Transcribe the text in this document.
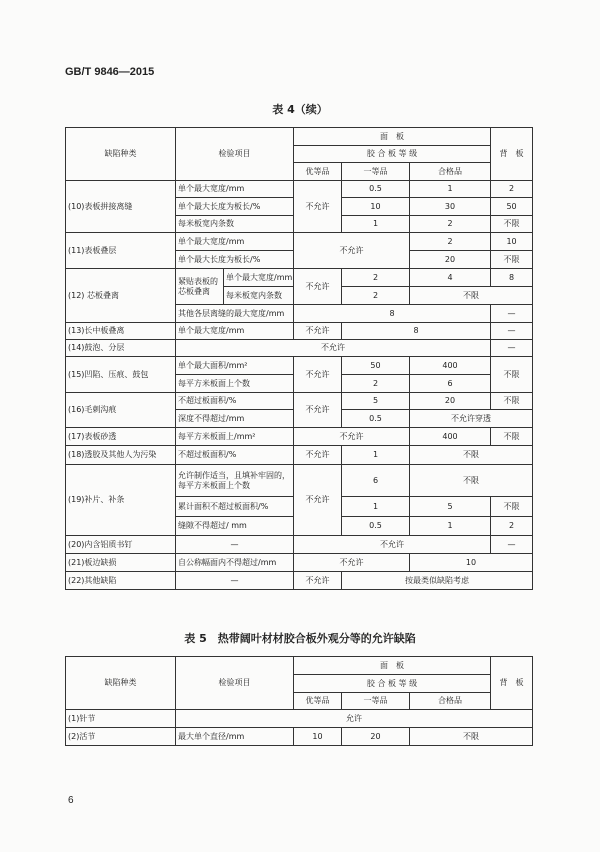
GB/T 9846—2015
表 4（续）
缺陷种类	检验项目		面　板			背　板
			胶 合 板 等 级			
			优等品	一等品	合格品	
(10)表板拼接离缝	单个最大宽度/mm		不允许	0.5	1	2
	单个最大长度为板长/%			10	30	50
	每米板宽内条数			1	2	不限
(11)表板叠层	单个最大宽度/mm		不允许		2	10
	单个最大长度为板长/%				20	不限
(12) 芯板叠离	紧贴表板的芯板叠离	单个最大宽度/mm	不允许	2	4	8
		每米板宽内条数		2	不限	
	其他各层离缝的最大宽度/mm		8			—
(13)长中板叠离	单个最大宽度/mm		不允许	8		—
(14)鼓泡、分层	不允许					—
(15)凹陷、压痕、鼓包	单个最大面积/mm²		不允许	50	400	不限
	每平方米板面上个数			2	6	
(16)毛刺沟痕	不超过板面积/%		不允许	5	20	不限
	深度不得超过/mm			0.5	不允许穿透	
(17)表板砂透	每平方米板面上/mm²		不允许		400	不限
(18)透胶及其他人为污染	不超过板面积/%		不允许	1	不限	
(19)补片、补条	允许制作适当，且填补牢固的，每平方米板面上个数		不允许	6	不限	
	累计面积不超过板面积/%			1	5	不限
	缝隙不得超过/ mm			0.5	1	2
(20)内含铝质书钉	—		不允许			—
(21)板边缺损	自公称幅面内不得超过/mm		不允许		10	
(22)其他缺陷	—		不允许	按最类似缺陷考虑		
表 5　热带阔叶材材胶合板外观分等的允许缺陷
缺陷种类	检验项目	面　板			背　板
		胶 合 板 等 级			
		优等品	一等品	合格品	
(1)针节	允许				
(2)活节	最大单个直径/mm	10	20	不限	
6
